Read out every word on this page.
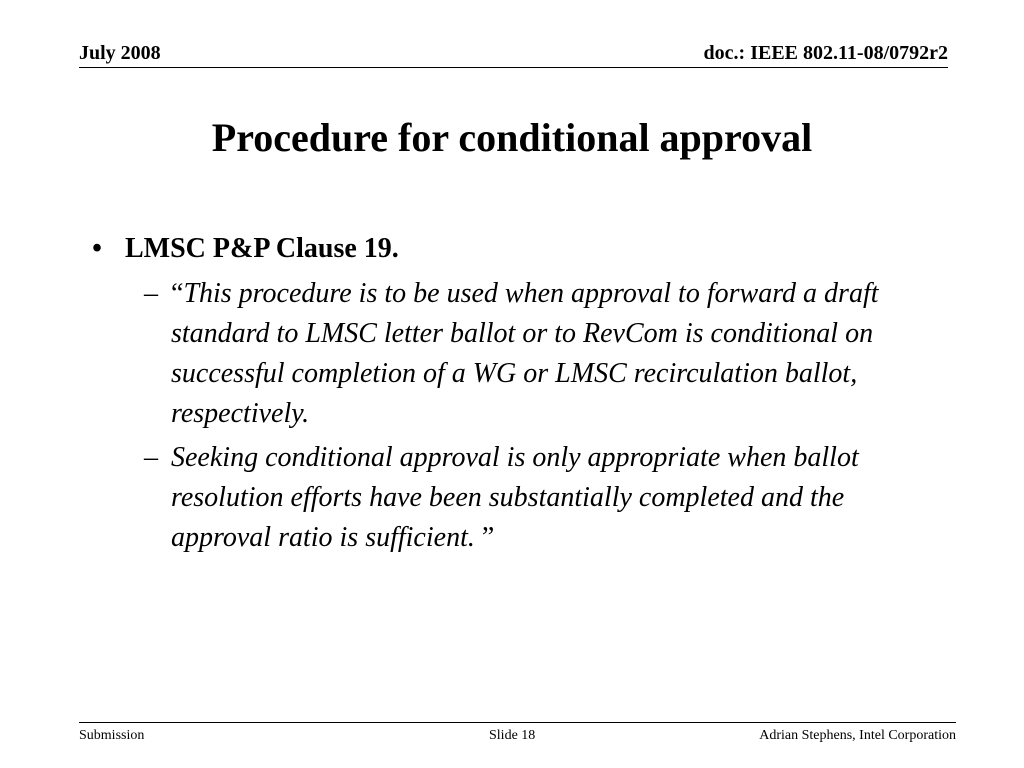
July 2008	doc.: IEEE 802.11-08/0792r2
Procedure for conditional approval
• LMSC P&P Clause 19.
– “This procedure is to be used when approval to forward a draft standard to LMSC letter ballot or to RevCom is conditional on successful completion of a WG or LMSC recirculation ballot, respectively.
– Seeking conditional approval is only appropriate when ballot resolution efforts have been substantially completed and the approval ratio is sufficient. ”
Submission	Slide 18	Adrian Stephens, Intel Corporation
